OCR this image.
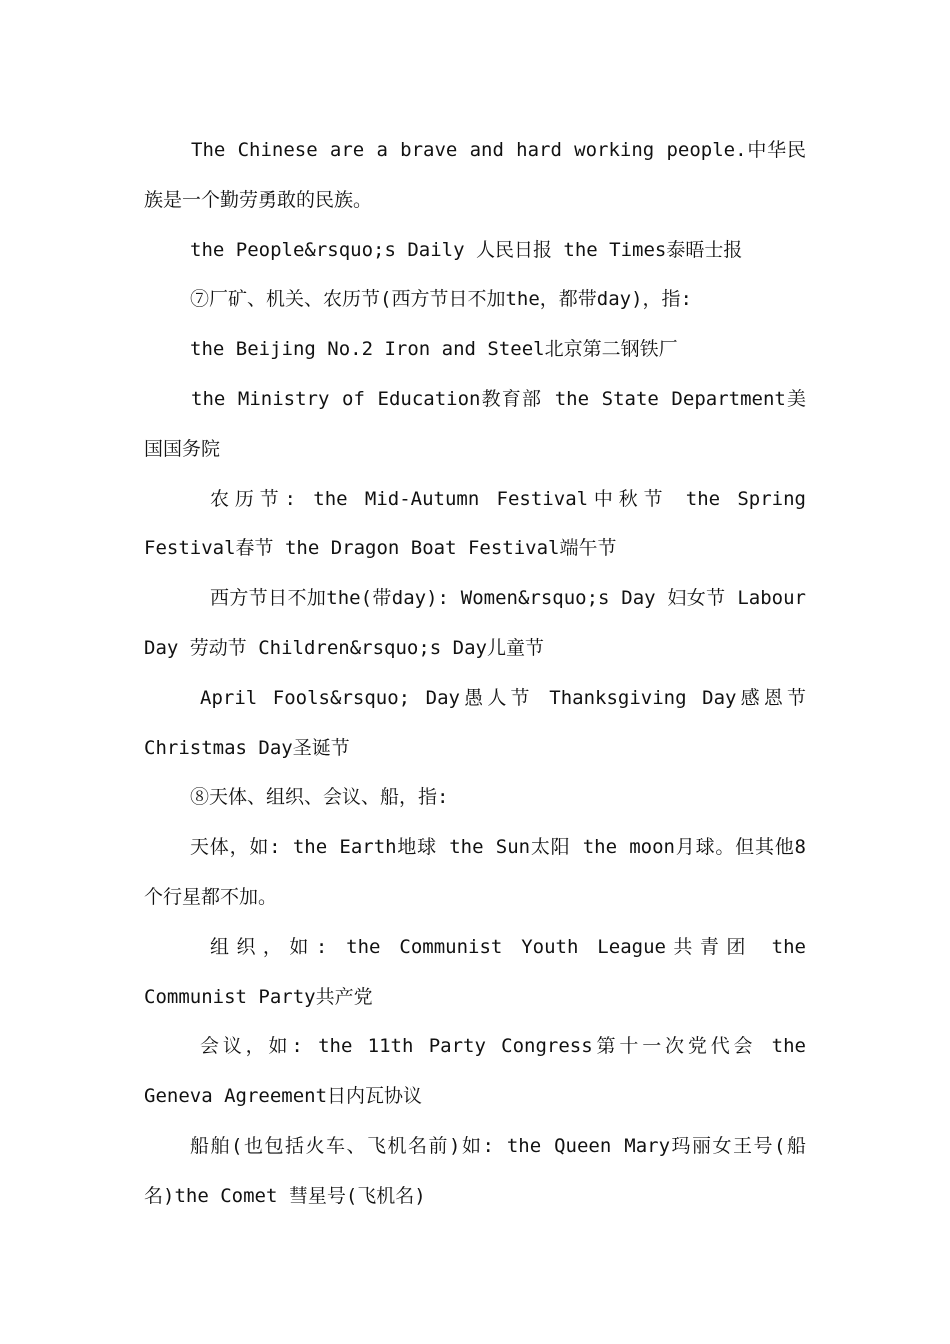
The Chinese are a brave and hard working people.中华民族是一个勤劳勇敢的民族。

the People&rsquo;s Daily 人民日报 the Times泰晤士报

⑦厂矿、机关、农历节(西方节日不加the，都带day)，指:

the Beijing No.2 Iron and Steel北京第二钢铁厂

the Ministry of Education教育部 the State Department美国国务院

农历节: the Mid-Autumn Festival中秋节 the Spring Festival春节 the Dragon Boat Festival端午节

西方节日不加the(带day): Women&rsquo;s Day 妇女节 Labour Day 劳动节 Children&rsquo;s Day儿童节

April Fools&rsquo; Day愚人节 Thanksgiving Day感恩节 Christmas Day圣诞节

⑧天体、组织、会议、船，指:

天体，如: the Earth地球 the Sun太阳 the moon月球。但其他8个行星都不加。

组织，如: the Communist Youth League共青团 the Communist Party共产党

会议，如: the 11th Party Congress第十一次党代会 the Geneva Agreement日内瓦协议

船舶(也包括火车、飞机名前)如: the Queen Mary玛丽女王号(船名)the Comet 彗星号(飞机名)
